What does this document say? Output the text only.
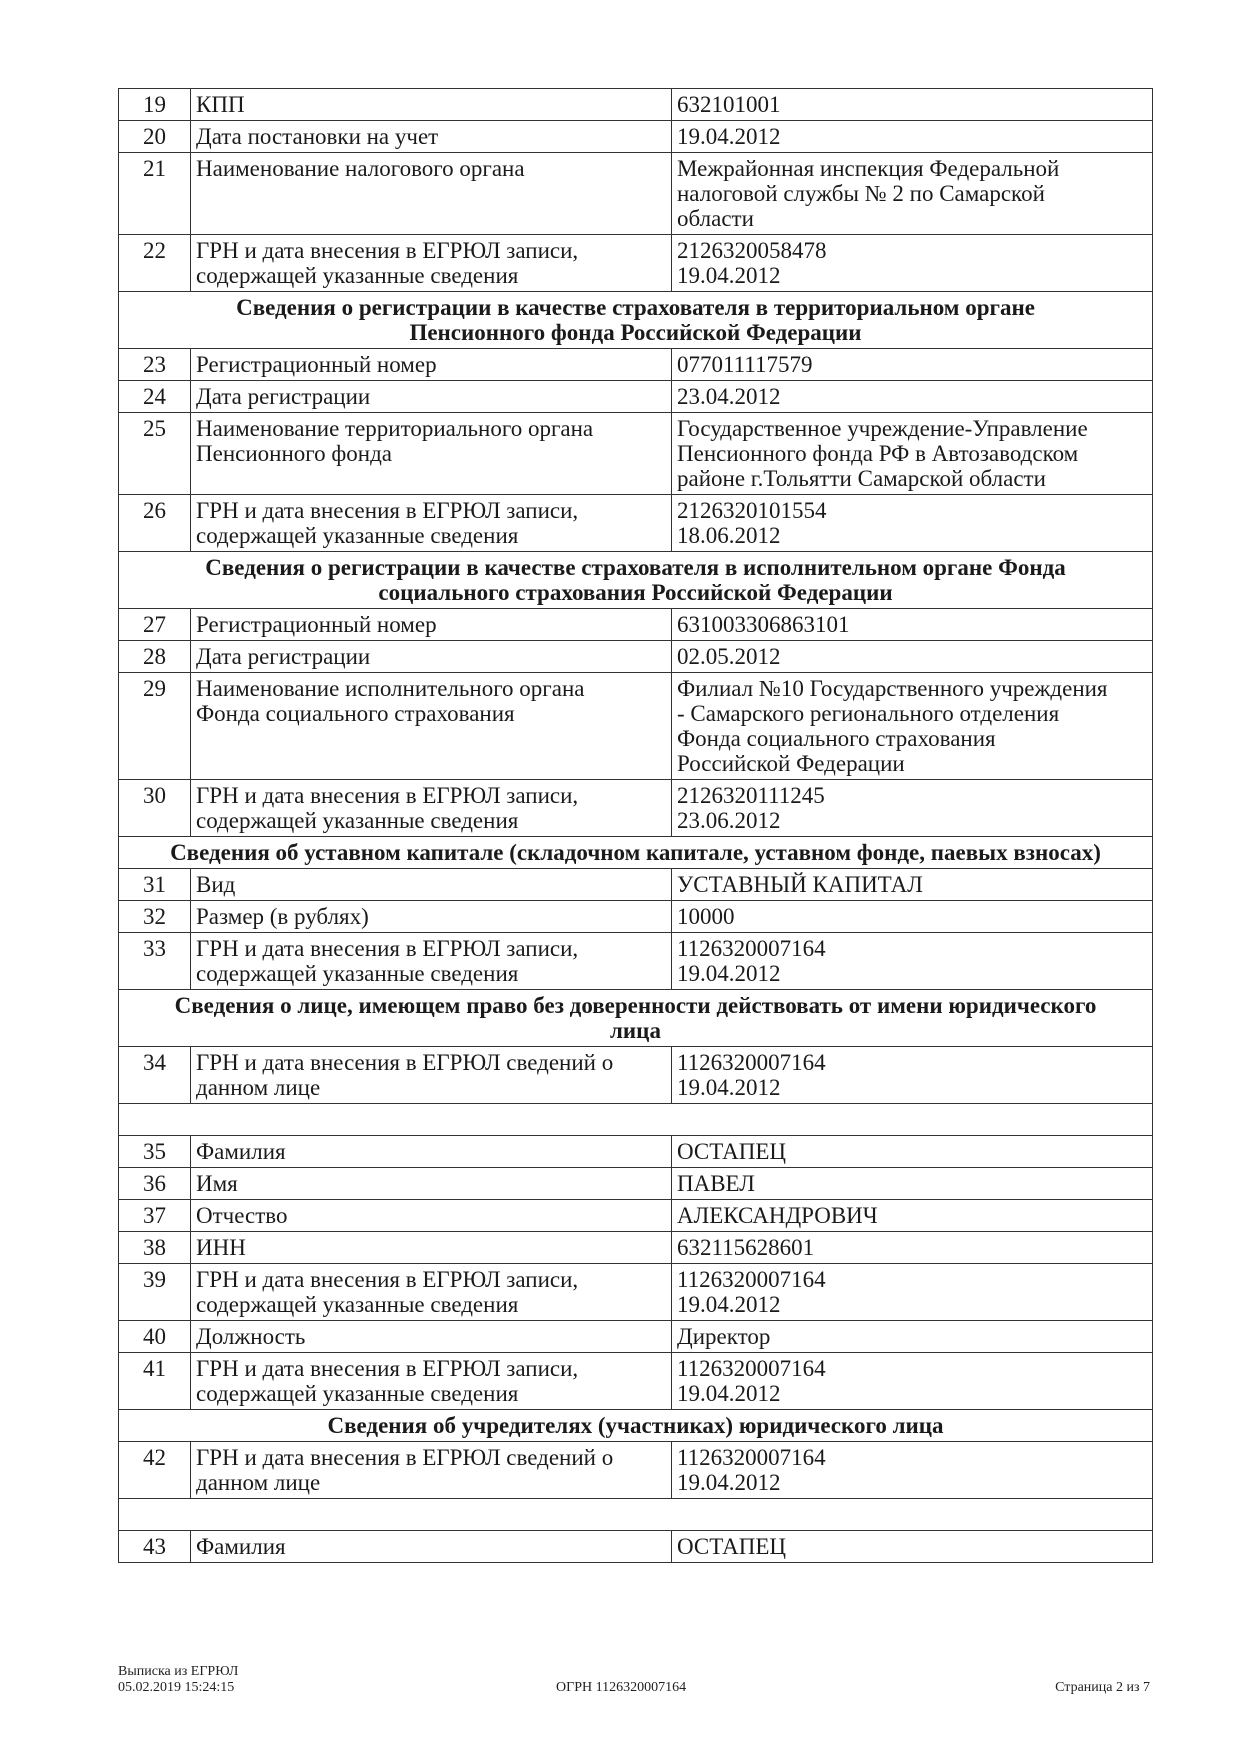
19	КПП	632101001
20	Дата постановки на учет	19.04.2012
21	Наименование налогового органа	Межрайонная инспекция Федеральной
налоговой службы № 2 по Самарской
области
22	ГРН и дата внесения в ЕГРЮЛ записи,
содержащей указанные сведения	2126320058478
19.04.2012
Сведения о регистрации в качестве страхователя в территориальном органе
Пенсионного фонда Российской Федерации		
23	Регистрационный номер	077011117579
24	Дата регистрации	23.04.2012
25	Наименование территориального органа
Пенсионного фонда	Государственное учреждение-Управление
Пенсионного фонда РФ в Автозаводском
районе г.Тольятти Самарской области
26	ГРН и дата внесения в ЕГРЮЛ записи,
содержащей указанные сведения	2126320101554
18.06.2012
Сведения о регистрации в качестве страхователя в исполнительном органе Фонда
социального страхования Российской Федерации		
27	Регистрационный номер	631003306863101
28	Дата регистрации	02.05.2012
29	Наименование исполнительного органа
Фонда социального страхования	Филиал №10 Государственного учреждения
- Самарского регионального отделения
Фонда социального страхования
Российской Федерации
30	ГРН и дата внесения в ЕГРЮЛ записи,
содержащей указанные сведения	2126320111245
23.06.2012
Сведения об уставном капитале (складочном капитале, уставном фонде, паевых взносах)		
31	Вид	УСТАВНЫЙ КАПИТАЛ
32	Размер (в рублях)	10000
33	ГРН и дата внесения в ЕГРЮЛ записи,
содержащей указанные сведения	1126320007164
19.04.2012
Сведения о лице, имеющем право без доверенности действовать от имени юридического
лица		
34	ГРН и дата внесения в ЕГРЮЛ сведений о
данном лице	1126320007164
19.04.2012

35	Фамилия	ОСТАПЕЦ
36	Имя	ПАВЕЛ
37	Отчество	АЛЕКСАНДРОВИЧ
38	ИНН	632115628601
39	ГРН и дата внесения в ЕГРЮЛ записи,
содержащей указанные сведения	1126320007164
19.04.2012
40	Должность	Директор
41	ГРН и дата внесения в ЕГРЮЛ записи,
содержащей указанные сведения	1126320007164
19.04.2012
Сведения об учредителях (участниках) юридического лица		
42	ГРН и дата внесения в ЕГРЮЛ сведений о
данном лице	1126320007164
19.04.2012

43	Фамилия	ОСТАПЕЦ
Выписка из ЕГРЮЛ
05.02.2019 15:24:15	ОГРН 1126320007164	Страница 2 из 7
